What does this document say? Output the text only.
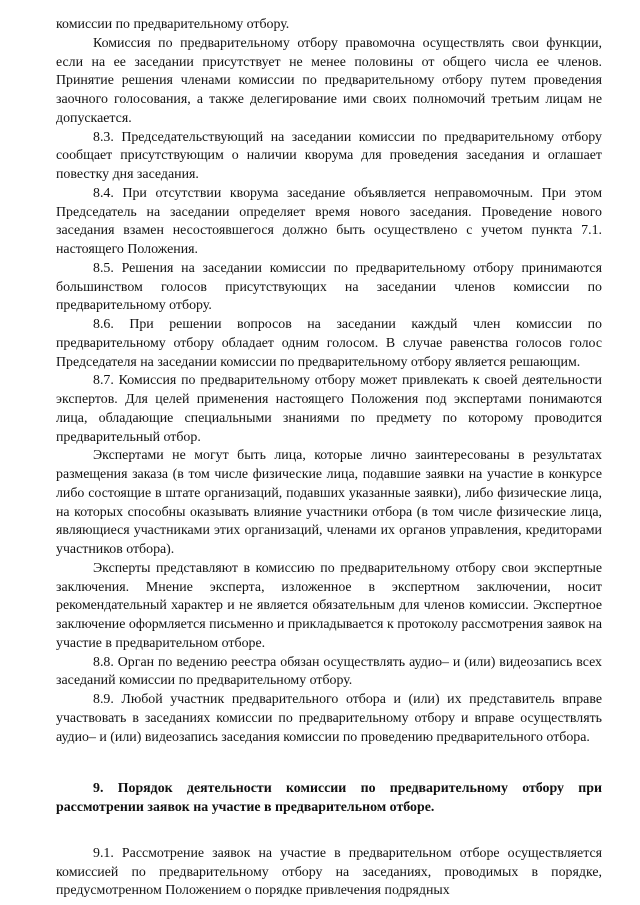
комиссии по предварительному отбору.

Комиссия по предварительному отбору правомочна осуществлять свои функции, если на ее заседании присутствует не менее половины от общего числа ее членов. Принятие решения членами комиссии по предварительному отбору путем проведения заочного голосования, а также делегирование ими своих полномочий третьим лицам не допускается.

8.3. Председательствующий на заседании комиссии по предварительному отбору сообщает присутствующим о наличии кворума для проведения заседания и оглашает повестку дня заседания.

8.4. При отсутствии кворума заседание объявляется неправомочным. При этом Председатель на заседании определяет время нового заседания. Проведение нового заседания взамен несостоявшегося должно быть осуществлено с учетом пункта 7.1. настоящего Положения.

8.5. Решения на заседании комиссии по предварительному отбору принимаются большинством голосов присутствующих на заседании членов комиссии по предварительному отбору.

8.6. При решении вопросов на заседании каждый член комиссии по предварительному отбору обладает одним голосом. В случае равенства голосов голос Председателя на заседании комиссии по предварительному отбору является решающим.

8.7. Комиссия по предварительному отбору может привлекать к своей деятельности экспертов. Для целей применения настоящего Положения под экспертами понимаются лица, обладающие специальными знаниями по предмету по которому проводится предварительный отбор.

Экспертами не могут быть лица, которые лично заинтересованы в результатах размещения заказа (в том числе физические лица, подавшие заявки на участие в конкурсе либо состоящие в штате организаций, подавших указанные заявки), либо физические лица, на которых способны оказывать влияние участники отбора (в том числе физические лица, являющиеся участниками этих организаций, членами их органов управления, кредиторами участников отбора).

Эксперты представляют в комиссию по предварительному отбору свои экспертные заключения. Мнение эксперта, изложенное в экспертном заключении, носит рекомендательный характер и не является обязательным для членов комиссии. Экспертное заключение оформляется письменно и прикладывается к протоколу рассмотрения заявок на участие в предварительном отборе.

8.8. Орган по ведению реестра обязан осуществлять аудио– и (или) видеозапись всех заседаний комиссии по предварительному отбору.

8.9. Любой участник предварительного отбора и (или) их представитель вправе участвовать в заседаниях комиссии по предварительному отбору и вправе осуществлять аудио– и (или) видеозапись заседания комиссии по проведению предварительного отбора.

9. Порядок деятельности комиссии по предварительному отбору при рассмотрении заявок на участие в предварительном отборе.

9.1. Рассмотрение заявок на участие в предварительном отборе осуществляется комиссией по предварительному отбору на заседаниях, проводимых в порядке, предусмотренном Положением о порядке привлечения подрядных
